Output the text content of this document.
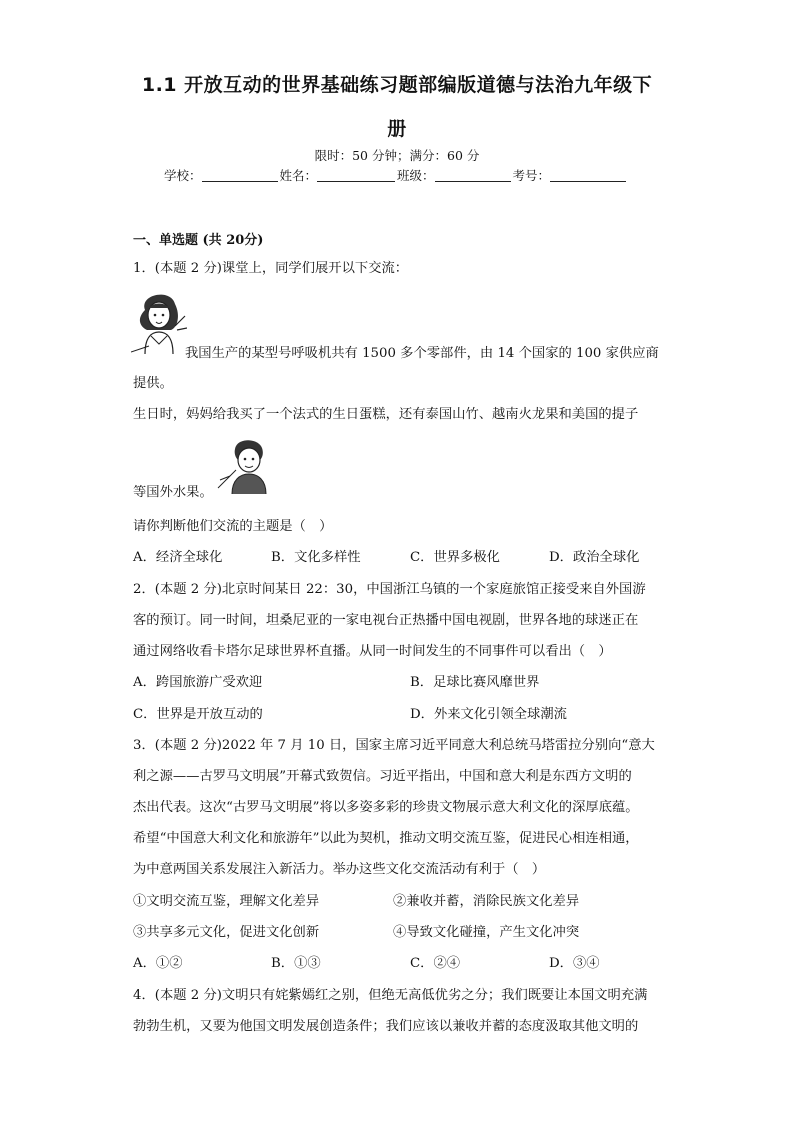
1.1 开放互动的世界基础练习题部编版道德与法治九年级下
册
限时：50 分钟；满分：60 分
学校：	姓名：	班级：	考号：
一、单选题 (共 20分)
1．(本题 2 分)课堂上，同学们展开以下交流：
我国生产的某型号呼吸机共有 1500 多个零部件，由 14 个国家的 100 家供应商
提供。
生日时，妈妈给我买了一个法式的生日蛋糕，还有泰国山竹、越南火龙果和美国的提子
等国外水果。
请你判断他们交流的主题是（　）
A．经济全球化	B．文化多样性	C．世界多极化	D．政治全球化
2．(本题 2 分)北京时间某日 22：30，中国浙江乌镇的一个家庭旅馆正接受来自外国游
客的预订。同一时间，坦桑尼亚的一家电视台正热播中国电视剧，世界各地的球迷正在
通过网络收看卡塔尔足球世界杯直播。从同一时间发生的不同事件可以看出（　）
A．跨国旅游广受欢迎	B．足球比赛风靡世界
C．世界是开放互动的	D．外来文化引领全球潮流
3．(本题 2 分)2022 年 7 月 10 日，国家主席习近平同意大利总统马塔雷拉分别向“意大
利之源——古罗马文明展”开幕式致贺信。习近平指出，中国和意大利是东西方文明的
杰出代表。这次“古罗马文明展”将以多姿多彩的珍贵文物展示意大利文化的深厚底蕴。
希望“中国意大利文化和旅游年”以此为契机，推动文明交流互鉴，促进民心相连相通，
为中意两国关系发展注入新活力。举办这些文化交流活动有利于（　）
①文明交流互鉴，理解文化差异	②兼收并蓄，消除民族文化差异
③共享多元文化，促进文化创新	④导致文化碰撞，产生文化冲突
A．①②	B．①③	C．②④	D．③④
4．(本题 2 分)文明只有姹紫嫣红之别，但绝无高低优劣之分；我们既要让本国文明充满
勃勃生机，又要为他国文明发展创造条件；我们应该以兼收并蓄的态度汲取其他文明的
